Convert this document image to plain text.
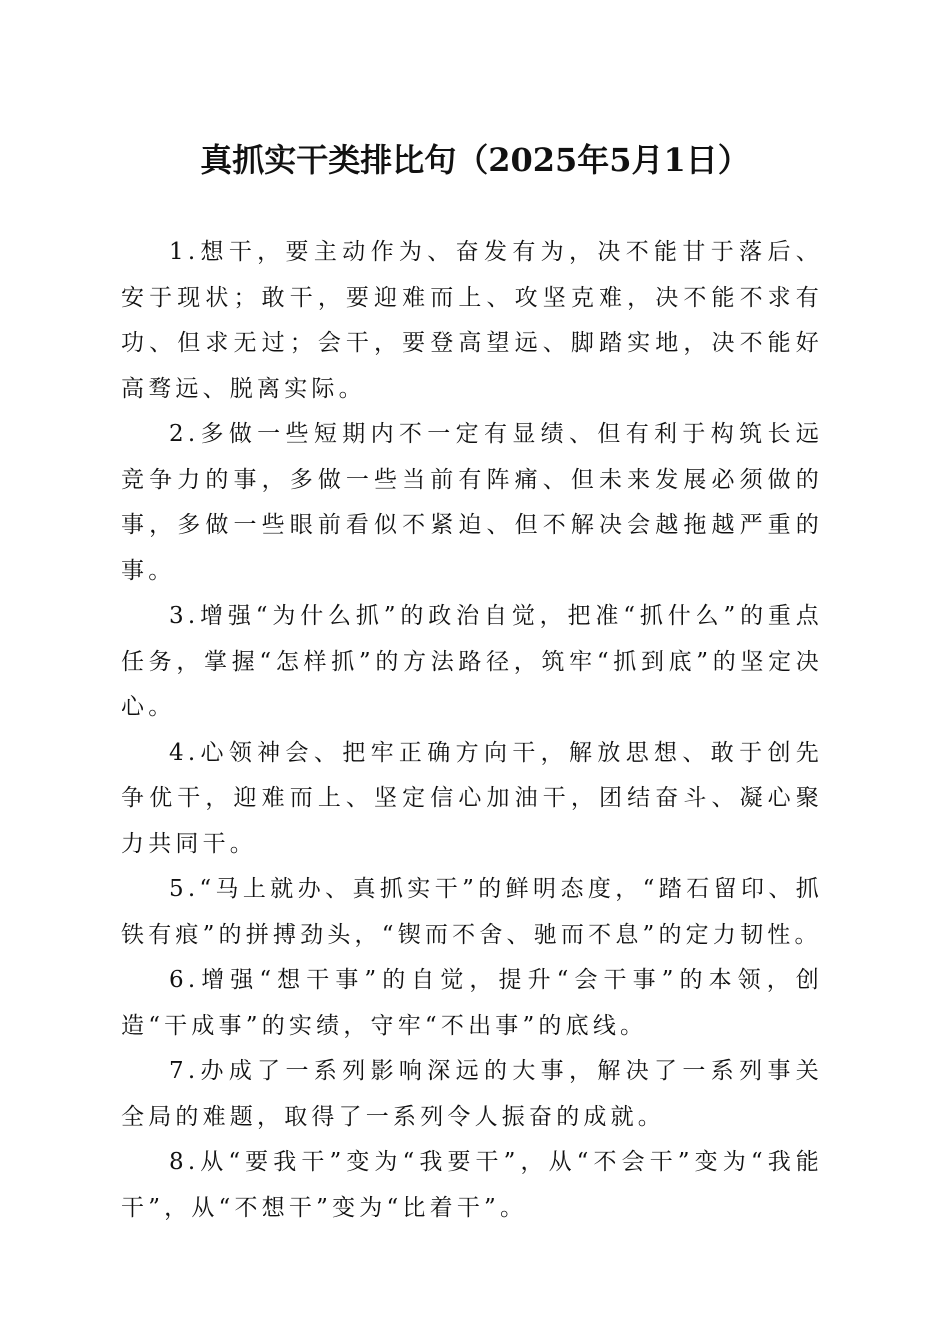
真抓实干类排比句（2025年5月1日）

1.想干，要主动作为、奋发有为，决不能甘于落后、安于现状；敢干，要迎难而上、攻坚克难，决不能不求有功、但求无过；会干，要登高望远、脚踏实地，决不能好高骛远、脱离实际。

2.多做一些短期内不一定有显绩、但有利于构筑长远竞争力的事，多做一些当前有阵痛、但未来发展必须做的事，多做一些眼前看似不紧迫、但不解决会越拖越严重的事。

3.增强“为什么抓”的政治自觉，把准“抓什么”的重点任务，掌握“怎样抓”的方法路径，筑牢“抓到底”的坚定决心。

4.心领神会、把牢正确方向干，解放思想、敢于创先争优干，迎难而上、坚定信心加油干，团结奋斗、凝心聚力共同干。

5.“马上就办、真抓实干”的鲜明态度，“踏石留印、抓铁有痕”的拼搏劲头，“锲而不舍、驰而不息”的定力韧性。

6.增强“想干事”的自觉，提升“会干事”的本领，创造“干成事”的实绩，守牢“不出事”的底线。

7.办成了一系列影响深远的大事，解决了一系列事关全局的难题，取得了一系列令人振奋的成就。

8.从“要我干”变为“我要干”，从“不会干”变为“我能干”，从“不想干”变为“比着干”。
